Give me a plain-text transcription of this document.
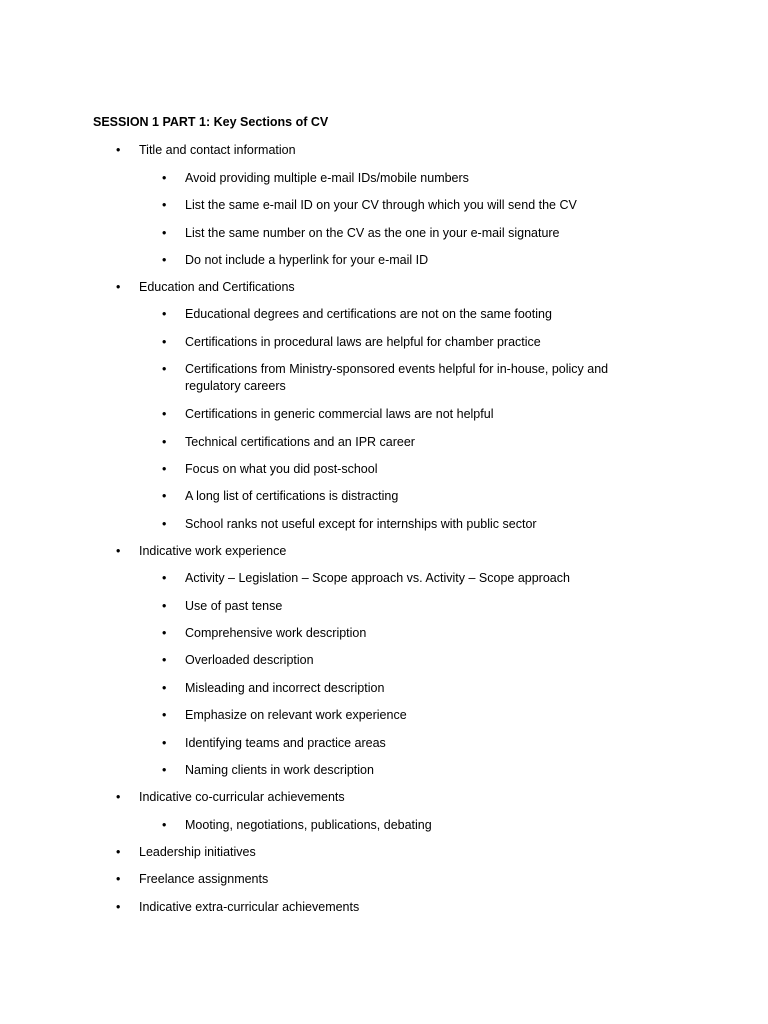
SESSION 1 PART 1: Key Sections of CV
• Title and contact information
• Avoid providing multiple e-mail IDs/mobile numbers
• List the same e-mail ID on your CV through which you will send the CV
• List the same number on the CV as the one in your e-mail signature
• Do not include a hyperlink for your e-mail ID
• Education and Certifications
• Educational degrees and certifications are not on the same footing
• Certifications in procedural laws are helpful for chamber practice
• Certifications from Ministry-sponsored events helpful for in-house, policy and regulatory careers
• Certifications in generic commercial laws are not helpful
• Technical certifications and an IPR career
• Focus on what you did post-school
• A long list of certifications is distracting
• School ranks not useful except for internships with public sector
• Indicative work experience
• Activity – Legislation – Scope approach vs. Activity – Scope approach
• Use of past tense
• Comprehensive work description
• Overloaded description
• Misleading and incorrect description
• Emphasize on relevant work experience
• Identifying teams and practice areas
• Naming clients in work description
• Indicative co-curricular achievements
• Mooting, negotiations, publications, debating
• Leadership initiatives
• Freelance assignments
• Indicative extra-curricular achievements
